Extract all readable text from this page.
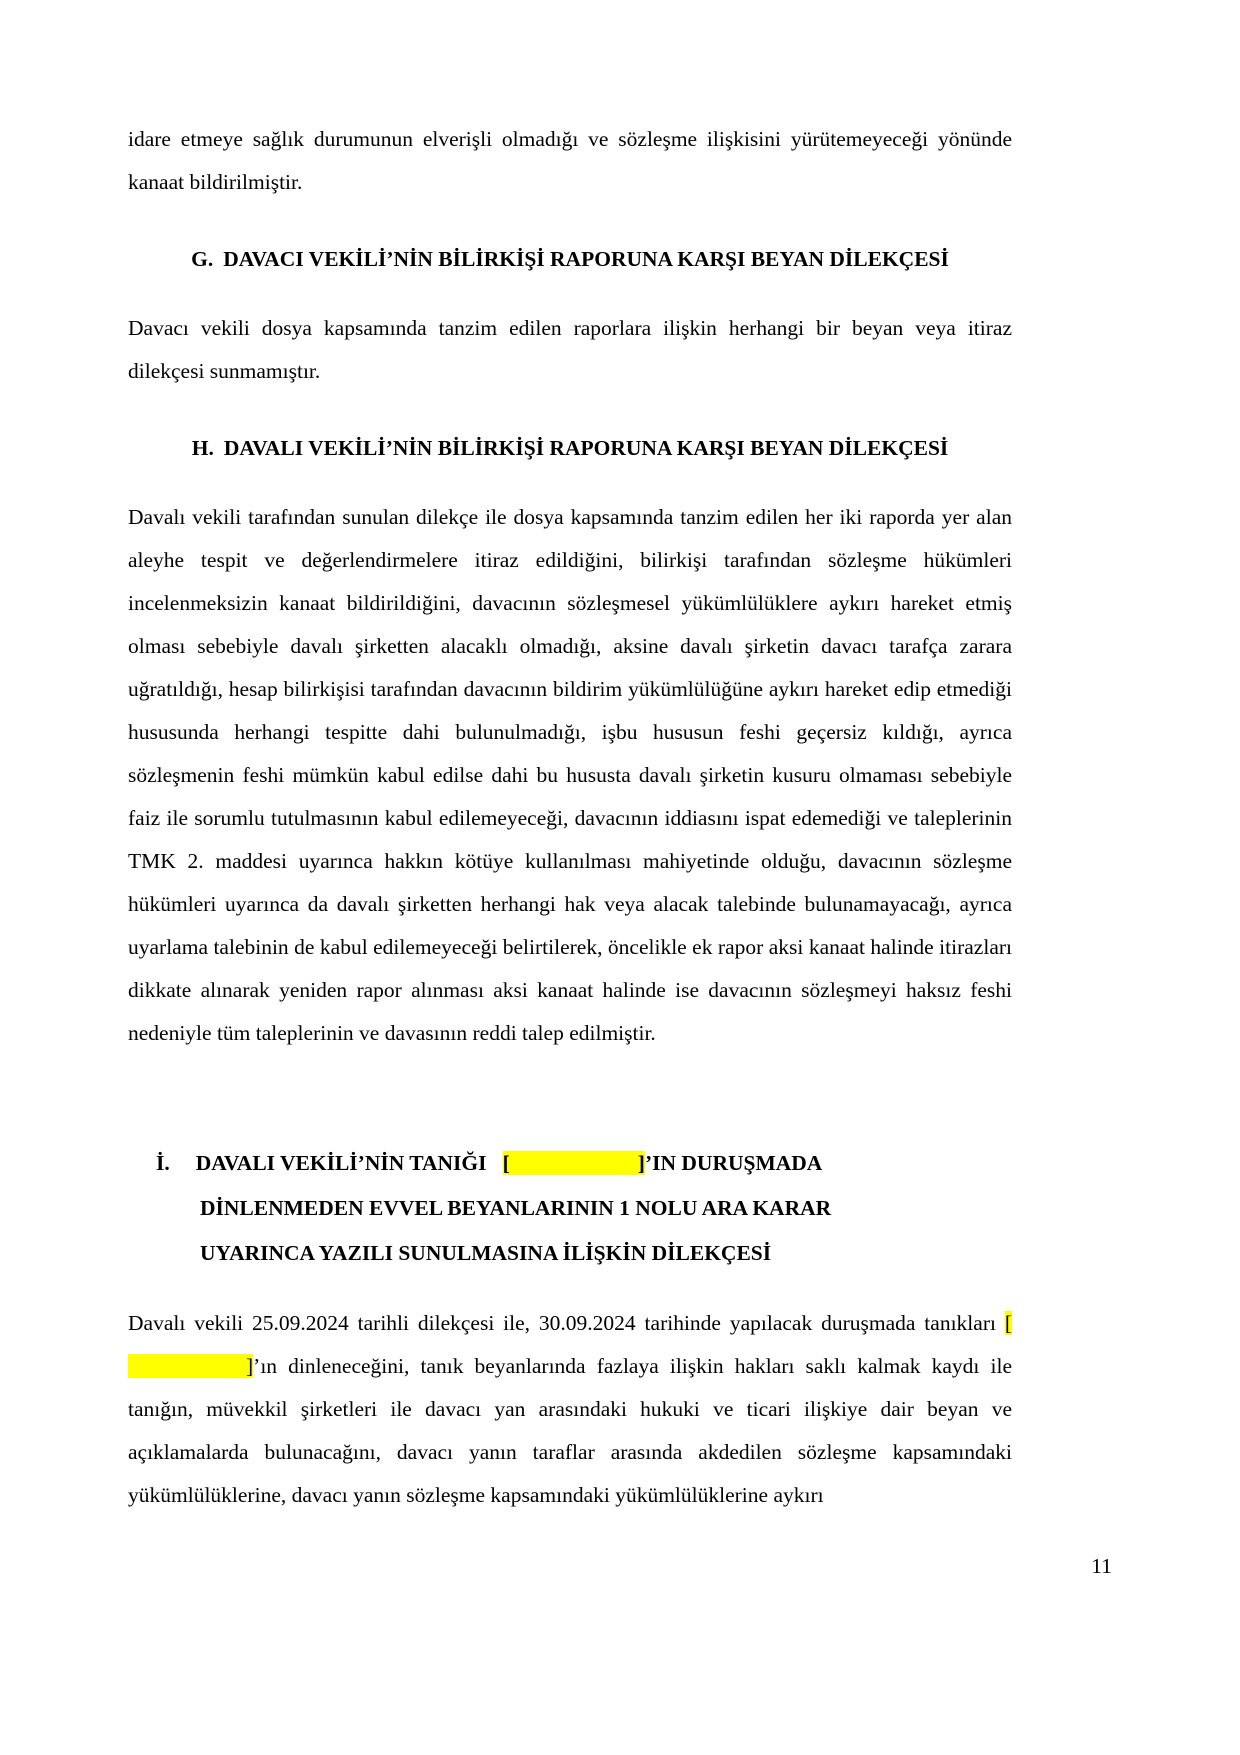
idare etmeye sağlık durumunun elverişli olmadığı ve sözleşme ilişkisini yürütemeyeceği yönünde kanaat bildirilmiştir.

G. DAVACI VEKİLİ’NİN BİLİRKİŞİ RAPORUNA KARŞI BEYAN DİLEKÇESİ

Davacı vekili dosya kapsamında tanzim edilen raporlara ilişkin herhangi bir beyan veya itiraz dilekçesi sunmamıştır.

H. DAVALI VEKİLİ’NİN BİLİRKİŞİ RAPORUNA KARŞI BEYAN DİLEKÇESİ

Davalı vekili tarafından sunulan dilekçe ile dosya kapsamında tanzim edilen her iki raporda yer alan aleyhe tespit ve değerlendirmelere itiraz edildiğini, bilirkişi tarafından sözleşme hükümleri incelenmeksizin kanaat bildirildiğini, davacının sözleşmesel yükümlülüklere aykırı hareket etmiş olması sebebiyle davalı şirketten alacaklı olmadığı, aksine davalı şirketin davacı tarafça zarara uğratıldığı, hesap bilirkişisi tarafından davacının bildirim yükümlülüğüne aykırı hareket edip etmediği hususunda herhangi tespitte dahi bulunulmadığı, işbu hususun feshi geçersiz kıldığı, ayrıca sözleşmenin feshi mümkün kabul edilse dahi bu hususta davalı şirketin kusuru olmaması sebebiyle faiz ile sorumlu tutulmasının kabul edilemeyeceği, davacının iddiasını ispat edemediği ve taleplerinin TMK 2. maddesi uyarınca hakkın kötüye kullanılması mahiyetinde olduğu, davacının sözleşme hükümleri uyarınca da davalı şirketten herhangi hak veya alacak talebinde bulunamayacağı, ayrıca uyarlama talebinin de kabul edilemeyeceği belirtilerek, öncelikle ek rapor aksi kanaat halinde itirazları dikkate alınarak yeniden rapor alınması aksi kanaat halinde ise davacının sözleşmeyi haksız feshi nedeniyle tüm taleplerinin ve davasının reddi talep edilmiştir.

İ. DAVALI VEKİLİ’NİN TANIĞI [	]’IN DURUŞMADA
DİNLENMEDEN EVVEL BEYANLARININ 1 NOLU ARA KARAR
UYARINCA YAZILI SUNULMASINA İLİŞKİN DİLEKÇESİ

Davalı vekili 25.09.2024 tarihli dilekçesi ile, 30.09.2024 tarihinde yapılacak duruşmada tanıkları []’ın dinleneceğini, tanık beyanlarında fazlaya ilişkin hakları saklı kalmak kaydı ile tanığın, müvekkil şirketleri ile davacı yan arasındaki hukuki ve ticari ilişkiye dair beyan ve açıklamalarda bulunacağını, davacı yanın taraflar arasında akdedilen sözleşme kapsamındaki yükümlülüklerine, davacı yanın sözleşme kapsamındaki yükümlülüklerine aykırı

11
